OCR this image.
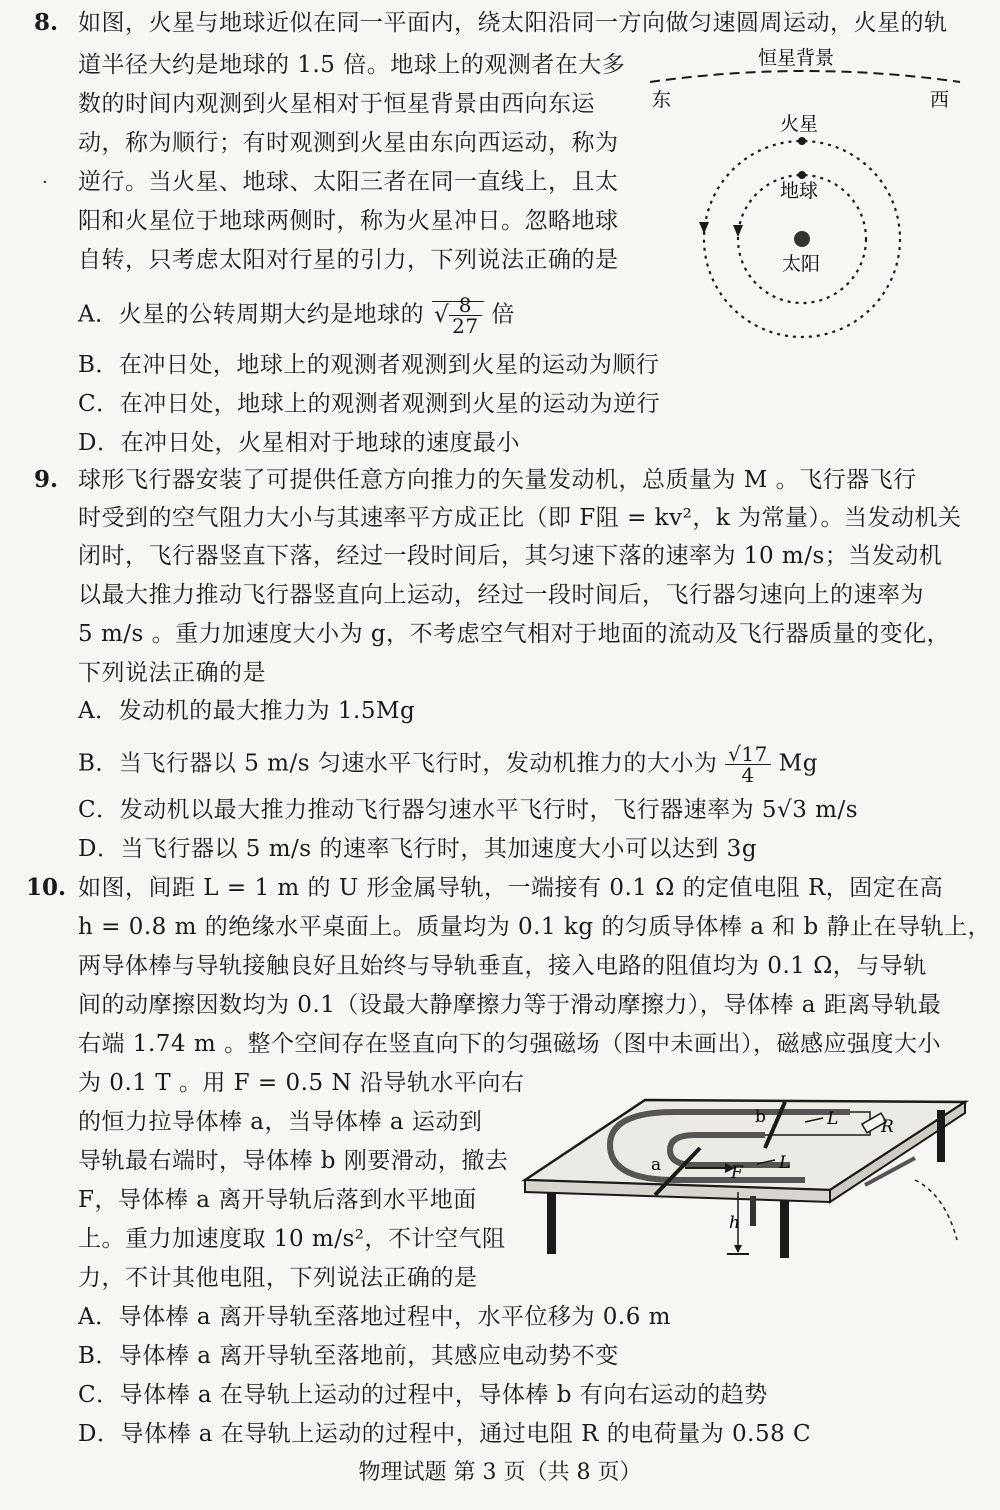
8. 如图，火星与地球近似在同一平面内，绕太阳沿同一方向做匀速圆周运动，火星的轨
道半径大约是地球的 1.5 倍。地球上的观测者在大多
数的时间内观测到火星相对于恒星背景由西向东运
动，称为顺行；有时观测到火星由东向西运动，称为
· 逆行。当火星、地球、太阳三者在同一直线上，且太
阳和火星位于地球两侧时，称为火星冲日。忽略地球
自转，只考虑太阳对行星的引力，下列说法正确的是
A．火星的公转周期大约是地球的 √ $\frac{8}{27}$ 倍
B．在冲日处，地球上的观测者观测到火星的运动为顺行
C．在冲日处，地球上的观测者观测到火星的运动为逆行
D．在冲日处，火星相对于地球的速度最小
恒星背景
东	西
火星
地球
太阳
9. 球形飞行器安装了可提供任意方向推力的矢量发动机，总质量为 M 。飞行器飞行
时受到的空气阻力大小与其速率平方成正比（即 F阻 = kv²，k 为常量）。当发动机关
闭时，飞行器竖直下落，经过一段时间后，其匀速下落的速率为 10 m/s；当发动机
以最大推力推动飞行器竖直向上运动，经过一段时间后，飞行器匀速向上的速率为
5 m/s 。重力加速度大小为 g，不考虑空气相对于地面的流动及飞行器质量的变化，
下列说法正确的是
A．发动机的最大推力为 1.5Mg
B．当飞行器以 5 m/s 匀速水平飞行时，发动机推力的大小为 $\frac{√17}{4}$ Mg
C．发动机以最大推力推动飞行器匀速水平飞行时，飞行器速率为 5√3 m/s
D．当飞行器以 5 m/s 的速率飞行时，其加速度大小可以达到 3g
10. 如图，间距 L = 1 m 的 U 形金属导轨，一端接有 0.1 Ω 的定值电阻 R，固定在高
h = 0.8 m 的绝缘水平桌面上。质量均为 0.1 kg 的匀质导体棒 a 和 b 静止在导轨上，
两导体棒与导轨接触良好且始终与导轨垂直，接入电路的阻值均为 0.1 Ω，与导轨
间的动摩擦因数均为 0.1（设最大静摩擦力等于滑动摩擦力），导体棒 a 距离导轨最
右端 1.74 m 。整个空间存在竖直向下的匀强磁场（图中未画出），磁感应强度大小
为 0.1 T 。用 F = 0.5 N 沿导轨水平向右
的恒力拉导体棒 a，当导体棒 a 运动到
导轨最右端时，导体棒 b 刚要滑动，撤去
F，导体棒 a 离开导轨后落到水平地面
上。重力加速度取 10 m/s²，不计空气阻
力，不计其他电阻，下列说法正确的是
A．导体棒 a 离开导轨至落地过程中，水平位移为 0.6 m
B．导体棒 a 离开导轨至落地前，其感应电动势不变
C．导体棒 a 在导轨上运动的过程中，导体棒 b 有向右运动的趋势
D．导体棒 a 在导轨上运动的过程中，通过电阻 R 的电荷量为 0.58 C
R
b
a	F
L
L
h
物理试题 第 3 页（共 8 页）
